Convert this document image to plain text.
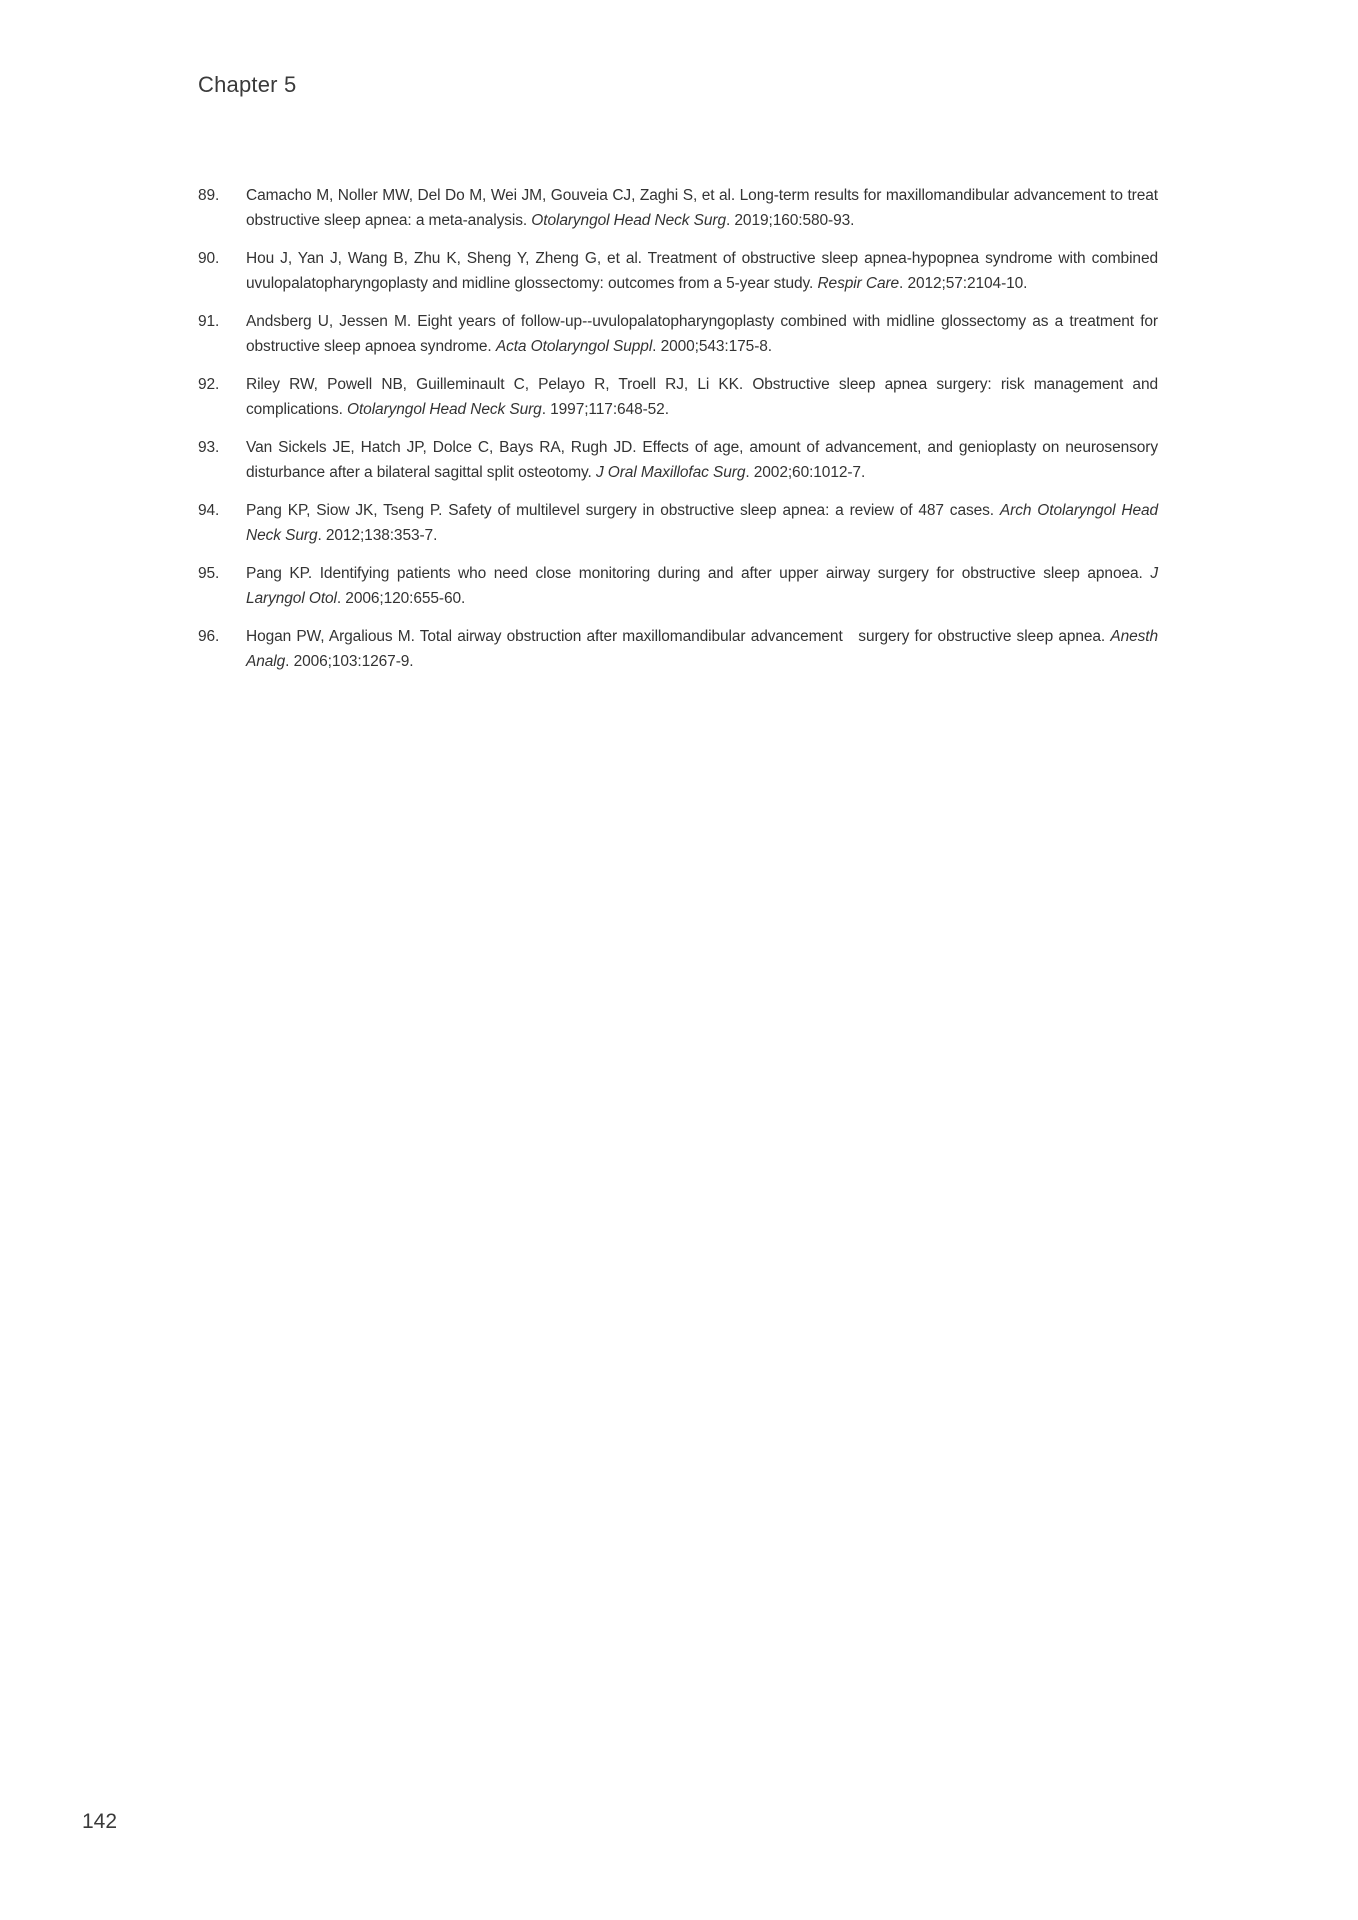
Chapter 5
89.	Camacho M, Noller MW, Del Do M, Wei JM, Gouveia CJ, Zaghi S, et al. Long-term results for maxillomandibular advancement to treat obstructive sleep apnea: a meta-analysis. Otolaryngol Head Neck Surg. 2019;160:580-93.

90.	Hou J, Yan J, Wang B, Zhu K, Sheng Y, Zheng G, et al. Treatment of obstructive sleep apnea-hypopnea syndrome with combined uvulopalatopharyngoplasty and midline glossectomy: outcomes from a 5-year study. Respir Care. 2012;57:2104-10.

91.	Andsberg U, Jessen M. Eight years of follow-up--uvulopalatopharyngoplasty combined with midline glossectomy as a treatment for obstructive sleep apnoea syndrome. Acta Otolaryngol Suppl. 2000;543:175-8.

92.	Riley RW, Powell NB, Guilleminault C, Pelayo R, Troell RJ, Li KK. Obstructive sleep apnea surgery: risk management and complications. Otolaryngol Head Neck Surg. 1997;117:648-52.

93.	Van Sickels JE, Hatch JP, Dolce C, Bays RA, Rugh JD. Effects of age, amount of advancement, and genioplasty on neurosensory disturbance after a bilateral sagittal split osteotomy. J Oral Maxillofac Surg. 2002;60:1012-7.

94.	Pang KP, Siow JK, Tseng P. Safety of multilevel surgery in obstructive sleep apnea: a review of 487 cases. Arch Otolaryngol Head Neck Surg. 2012;138:353-7.

95.	Pang KP. Identifying patients who need close monitoring during and after upper airway surgery for obstructive sleep apnoea. J Laryngol Otol. 2006;120:655-60.

96.	Hogan PW, Argalious M. Total airway obstruction after maxillomandibular advancement   surgery for obstructive sleep apnea. Anesth Analg. 2006;103:1267-9.

142
